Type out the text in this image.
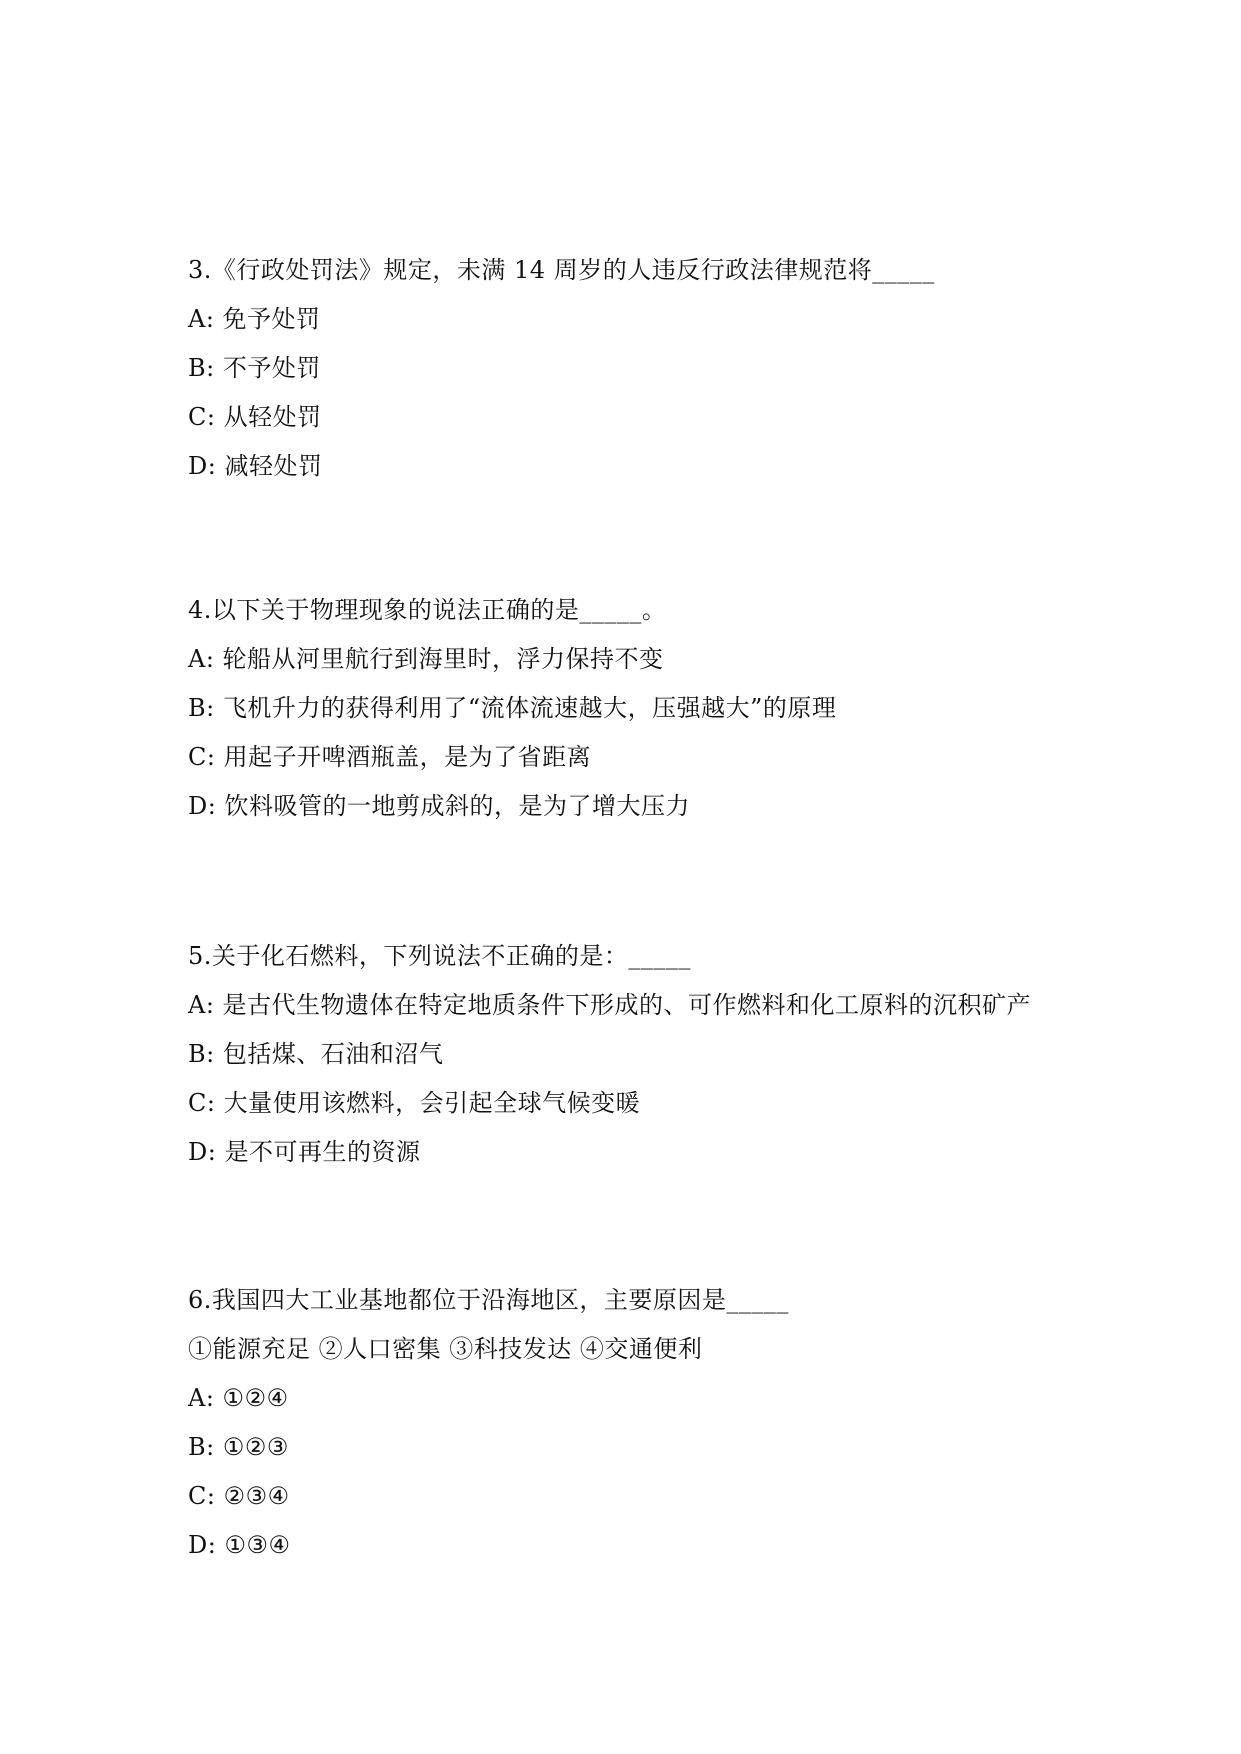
3.《行政处罚法》规定，未满 14 周岁的人违反行政法律规范将_____
A: 免予处罚
B: 不予处罚
C: 从轻处罚
D: 减轻处罚
4.以下关于物理现象的说法正确的是_____。
A: 轮船从河里航行到海里时，浮力保持不变
B: 飞机升力的获得利用了“流体流速越大，压强越大”的原理
C: 用起子开啤酒瓶盖，是为了省距离
D: 饮料吸管的一地剪成斜的，是为了增大压力
5.关于化石燃料，下列说法不正确的是：_____
A: 是古代生物遗体在特定地质条件下形成的、可作燃料和化工原料的沉积矿产
B: 包括煤、石油和沼气
C: 大量使用该燃料，会引起全球气候变暖
D: 是不可再生的资源
6.我国四大工业基地都位于沿海地区，主要原因是_____
①能源充足 ②人口密集 ③科技发达 ④交通便利
A: ①②④
B: ①②③
C: ②③④
D: ①③④
